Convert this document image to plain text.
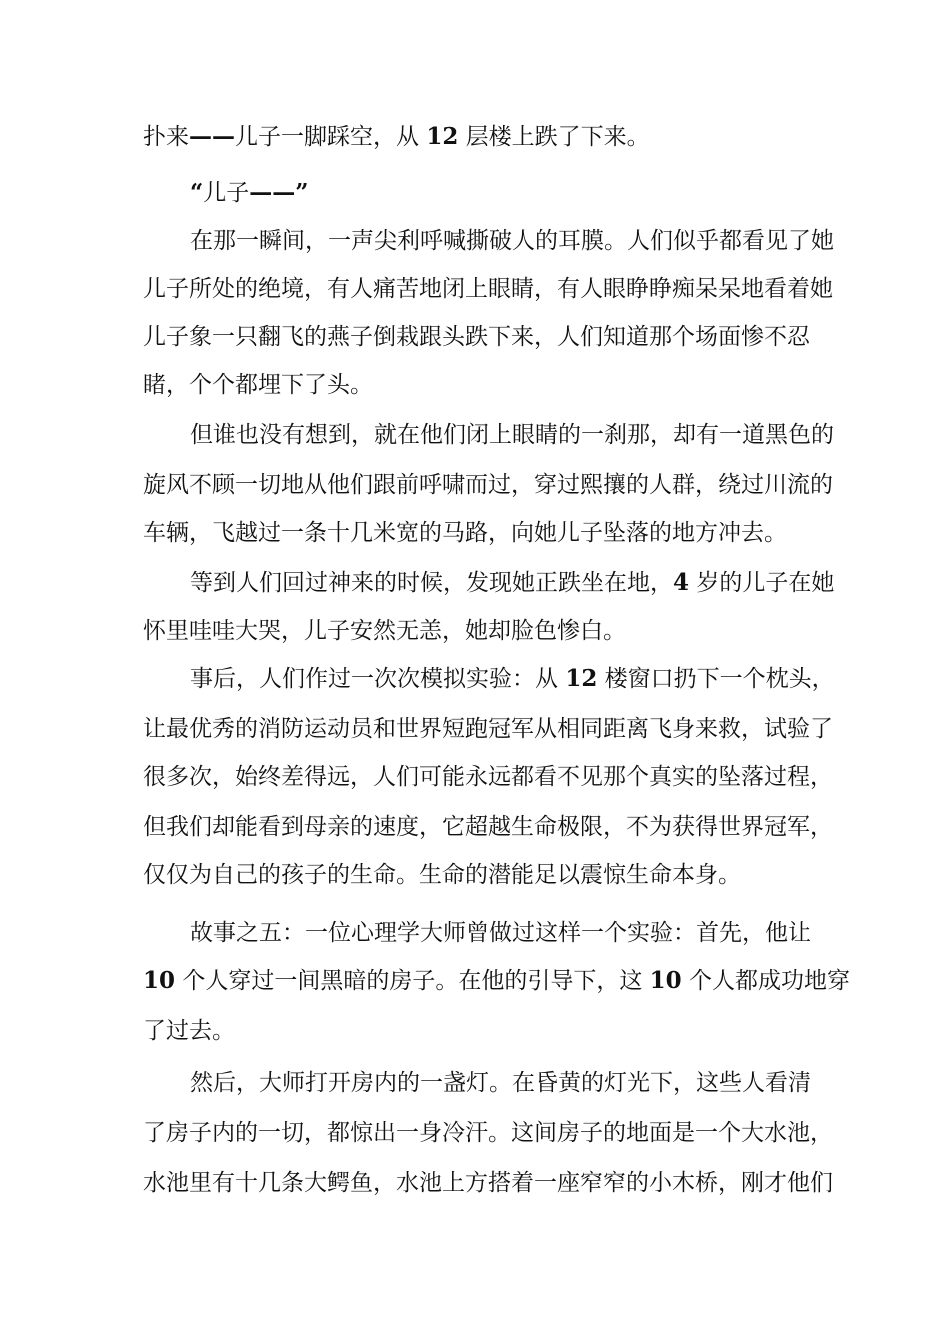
扑来——儿子一脚踩空，从 12 层楼上跌了下来。
“儿子——”
在那一瞬间，一声尖利呼喊撕破人的耳膜。人们似乎都看见了她
儿子所处的绝境，有人痛苦地闭上眼睛，有人眼睁睁痴呆呆地看着她
儿子象一只翻飞的燕子倒栽跟头跌下来，人们知道那个场面惨不忍
睹，个个都埋下了头。
但谁也没有想到，就在他们闭上眼睛的一刹那，却有一道黑色的
旋风不顾一切地从他们跟前呼啸而过，穿过熙攘的人群，绕过川流的
车辆，飞越过一条十几米宽的马路，向她儿子坠落的地方冲去。
等到人们回过神来的时候，发现她正跌坐在地，4 岁的儿子在她
怀里哇哇大哭，儿子安然无恙，她却脸色惨白。
事后，人们作过一次次模拟实验：从 12 楼窗口扔下一个枕头，
让最优秀的消防运动员和世界短跑冠军从相同距离飞身来救，试验了
很多次，始终差得远，人们可能永远都看不见那个真实的坠落过程，
但我们却能看到母亲的速度，它超越生命极限，不为获得世界冠军，
仅仅为自己的孩子的生命。生命的潜能足以震惊生命本身。
故事之五：一位心理学大师曾做过这样一个实验：首先，他让
10 个人穿过一间黑暗的房子。在他的引导下，这 10 个人都成功地穿
了过去。
然后，大师打开房内的一盏灯。在昏黄的灯光下，这些人看清
了房子内的一切，都惊出一身冷汗。这间房子的地面是一个大水池，
水池里有十几条大鳄鱼，水池上方搭着一座窄窄的小木桥，刚才他们
